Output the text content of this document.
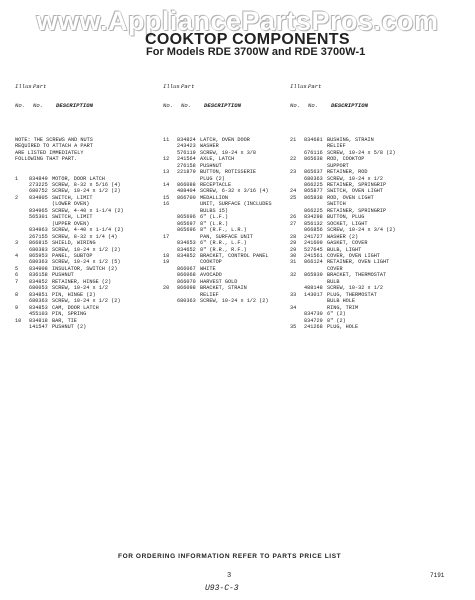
www.AppliancePartsPros.com
COOKTOP COMPONENTS
For Models RDE 3700W and RDE 3700W-1

Illus.
Part

No.	No.	DESCRIPTION

NOTE: THE SCREWS AND NUTS
REQUIRED TO ATTACH A PART
ARE LISTED IMMEDIATELY
FOLLOWING THAT PART.

1	834849 MOTOR, DOOR LATCH
273225 SCREW, 8-32 x 5/16 (4)
680752 SCREW, 10-24 x 1/2 (2)
2	834905 SWITCH, LIMIT
(LOWER OVEN)
834965 SCREW, 4-40 x 1-1/4 (2)
565301 SWITCH, LIMIT
(UPPER OVEN)
834963 SCREW, 4-40 x 1-1/4 (2)
267155 SCREW, 8-32 x 1/4 (4)
3	866815 SHIELD, WIRING
680383 SCREW, 10-24 x 1/2 (2)
4	865953 PANEL, SUBTOP
680363 SCREW, 10-24 x 1/2 (5)
5	834908 INSULATOR, SWITCH (2)
6	836158 PUSHNUT
7	834852 RETAINER, HINGE (2)
680053 SCREW, 10-24 x 1/2
8	834851 PIN, HINGE (2)
680363 SCREW, 10-24 x 1/2 (2)
9	834853 CAM, DOOR LATCH
455103 PIN, SPRING
10	834818 BAR, TIE
141547 PUSHNUT (2)

Illus.
Part

No.	No.	DESCRIPTION

11	834824 LATCH, OVEN DOOR
243423 WASHER
576119 SCREW, 10-24 x 3/8
12	241564 AXLE, LATCH
276158 PUSHNUT
13	221879 BUTTON, ROTISSERIE
PLUG (2)
14	866088 RECEPTACLE
488404 SCREW, 6-32 x 3/16 (4)
15	866700 MEDALLION
16	UNIT, SURFACE (INCLUDES
BULBS 15)
865696 6" (L.F.)
865697 8" (L.R.)
865696 8" (R.F., L.R.)
17	PAN, SURFACE UNIT
834653 6" (R.R., L.F.)
834652 8" (R.R., R.F.)
18	834852 BRACKET, CONTROL PANEL
19	COOKTOP
866067 WHITE
866068 AVOCADO
866070 HARVEST GOLD
20	866098 BRACKET, STRAIN
RELIEF
680363 SCREW, 10-24 x 1/2 (2)

Illus.
Part

No.	No.	DESCRIPTION

21	834681 BUSHING, STRAIN
RELIEF
676116 SCREW, 10-24 x 5/8 (2)
22	865638 ROD, COOKTOP
SUPPORT
23	865637 RETAINER, ROD
680363 SCREW, 10-24 x 1/2
866225 RETAINER, SPRINGRIP
24	865877 SWITCH, OVEN LIGHT
25	865838 ROD, OVEN LIGHT
SWITCH
866225 RETAINER, SPRINGRIP
26	834298 BUTTON, PLUG
27	856132 SOCKET, LIGHT
866856 SCREW, 10-24 x 3/4 (2)
28	241727 WASHER (2)
29	241609 GASKET, COVER
29	527645 BULB, LIGHT
30	241561 COVER, OVEN LIGHT
31	866124 RETAINER, OVEN LIGHT
COVER
32	865939 BRACKET, THERMOSTAT
BULB
488148 SCREW, 10-32 x 1/2
33	143017 PLUG, THERMOSTAT
BULB HOLE
34	RING, TRIM
834730 6" (2)
834729 8" (2)
35	241268 PLUG, HOLE

FOR ORDERING INFORMATION REFER TO PARTS PRICE LIST
3	7191
U93-C-3
